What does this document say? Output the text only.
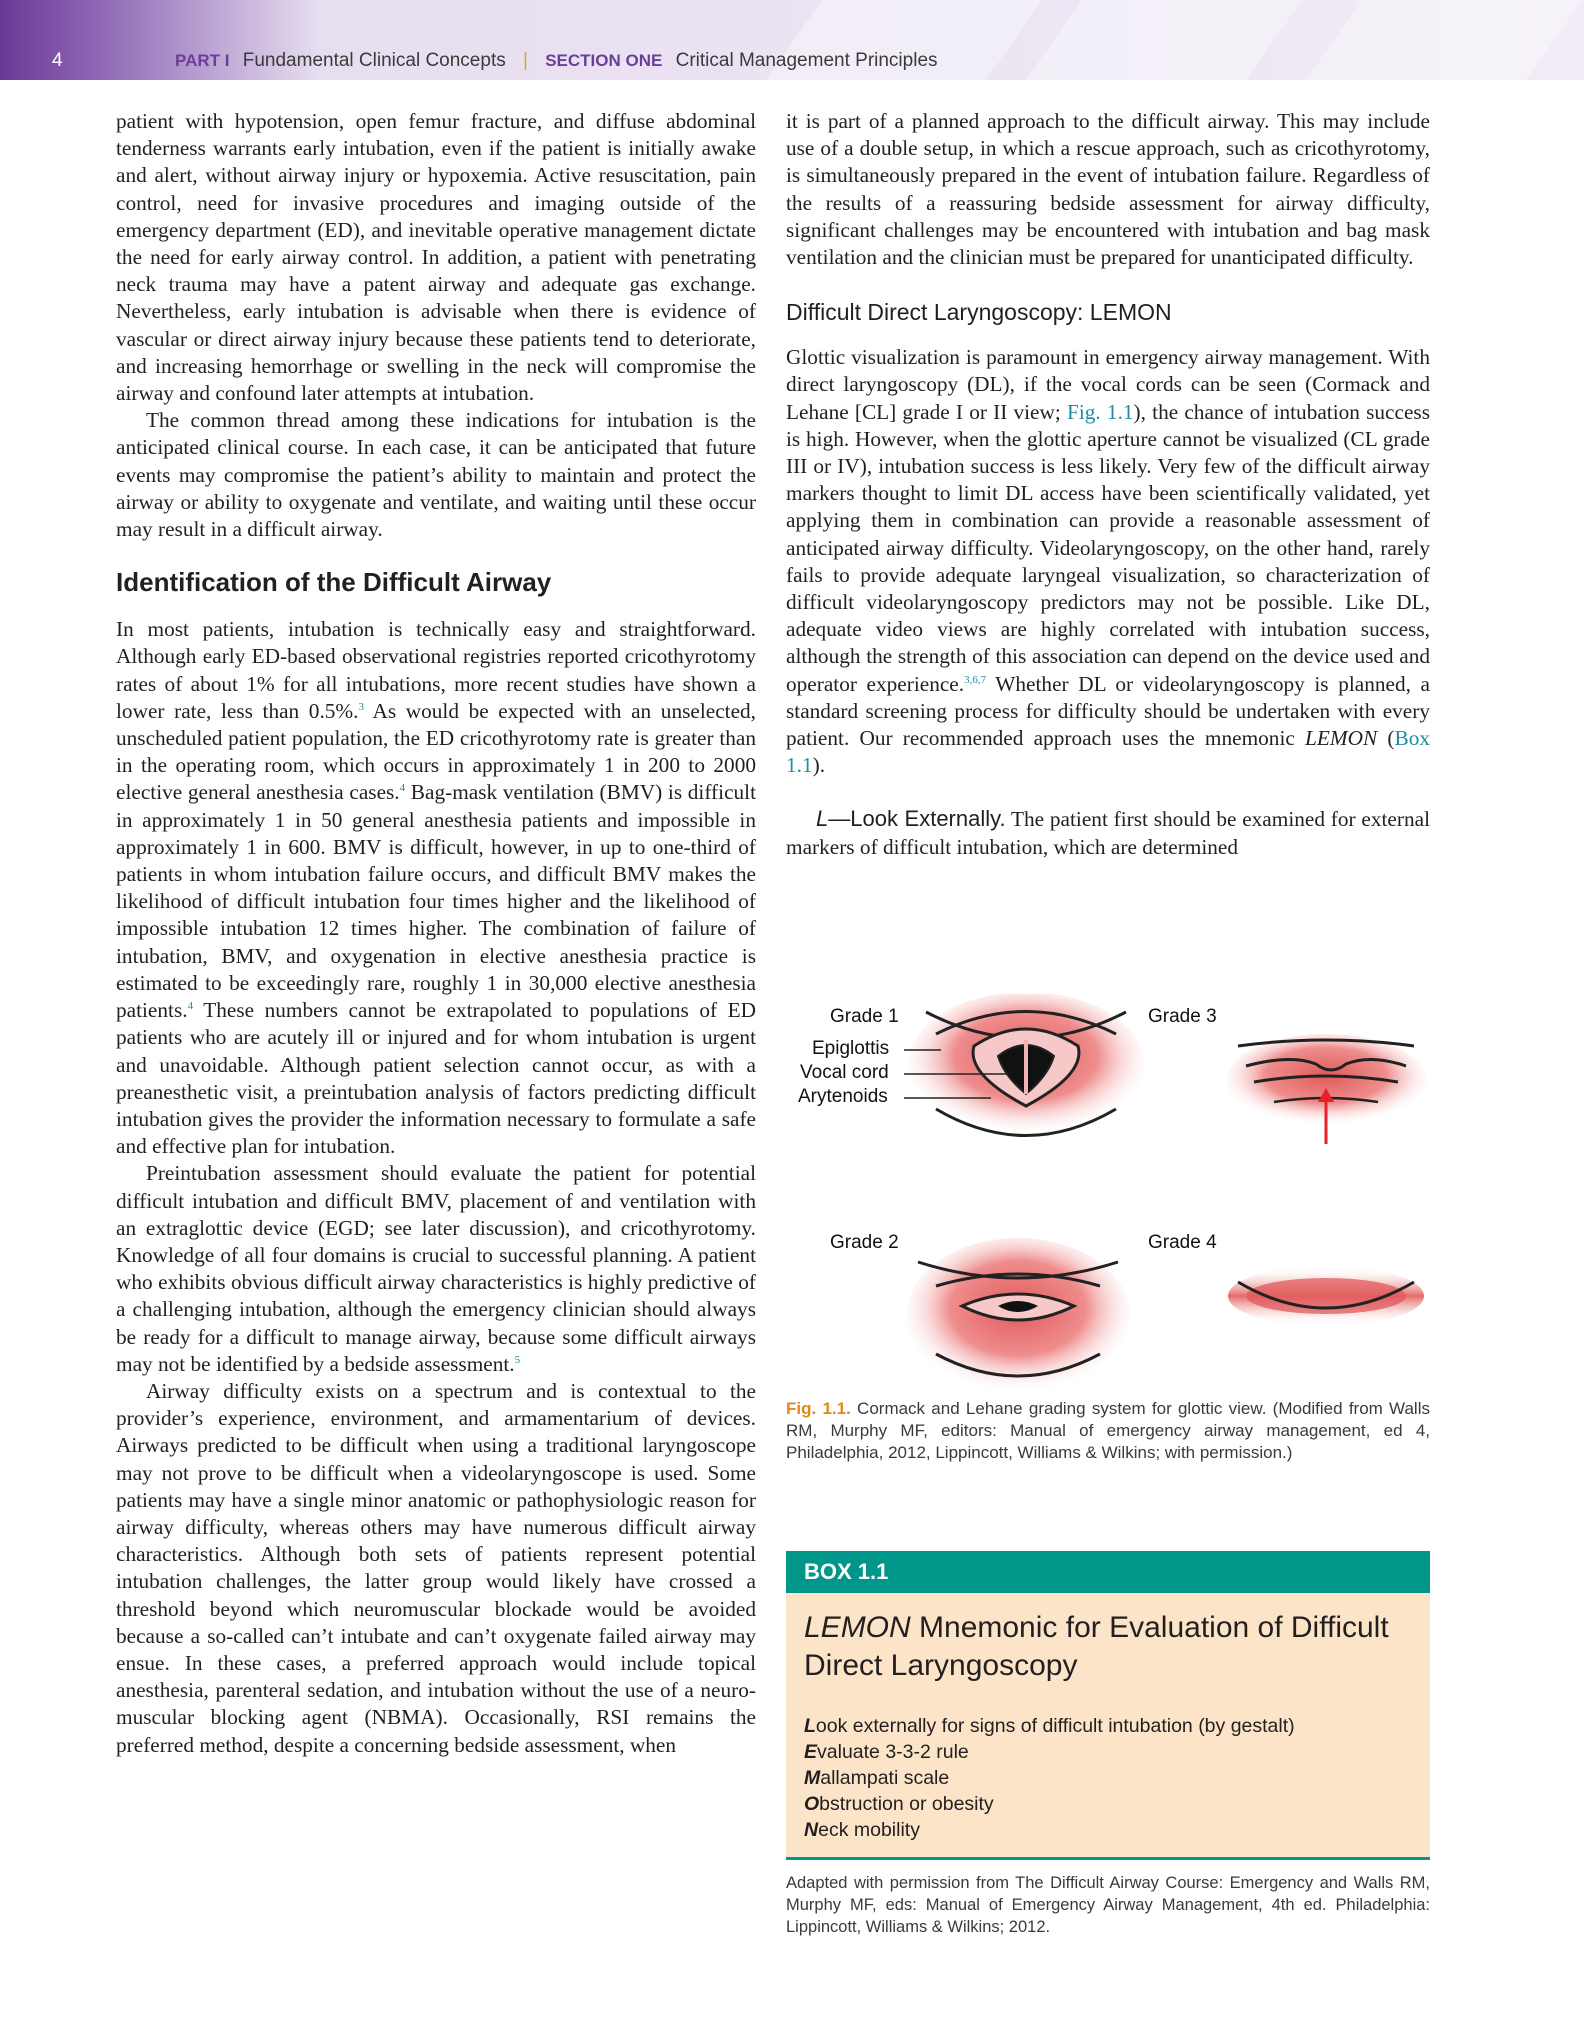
4	PART I Fundamental Clinical Concepts | SECTION ONE Critical Management Principles

patient with hypotension, open femur fracture, and diffuse abdominal tenderness warrants early intubation, even if the patient is initially awake and alert, without airway injury or hypoxemia. Active resuscitation, pain control, need for invasive procedures and imaging outside of the emergency department (ED), and inevitable operative management dictate the need for early airway control. In addition, a patient with penetrating neck trauma may have a patent airway and adequate gas exchange. Nevertheless, early intubation is advisable when there is evidence of vascular or direct airway injury because these patients tend to deteriorate, and increasing hemorrhage or swelling in the neck will compromise the airway and confound later attempts at intubation.

The common thread among these indications for intubation is the anticipated clinical course. In each case, it can be anticipated that future events may compromise the patient’s ability to maintain and protect the airway or ability to oxygenate and ventilate, and waiting until these occur may result in a difficult airway.

Identification of the Difficult Airway

In most patients, intubation is technically easy and straightforward. Although early ED-based observational registries reported cricothyrotomy rates of about 1% for all intubations, more recent studies have shown a lower rate, less than 0.5%.$^3$ As would be expected with an unselected, unscheduled patient population, the ED cricothyrotomy rate is greater than in the operating room, which occurs in approximately 1 in 200 to 2000 elective general anesthesia cases.$^4$ Bag-mask ventilation (BMV) is difficult in approximately 1 in 50 general anesthesia patients and impossible in approximately 1 in 600. BMV is difficult, however, in up to one-third of patients in whom intubation failure occurs, and difficult BMV makes the likelihood of difficult intubation four times higher and the likelihood of impossible intubation 12 times higher. The combination of failure of intubation, BMV, and oxygenation in elective anesthesia practice is estimated to be exceedingly rare, roughly 1 in 30,000 elective anesthesia patients.$^4$ These numbers cannot be extrapolated to populations of ED patients who are acutely ill or injured and for whom intubation is urgent and unavoidable. Although patient selection cannot occur, as with a preanesthetic visit, a preintubation analysis of factors predicting difficult intubation gives the provider the information necessary to formulate a safe and effective plan for intubation.

Preintubation assessment should evaluate the patient for potential difficult intubation and difficult BMV, placement of and ventilation with an extraglottic device (EGD; see later discussion), and cricothyrotomy. Knowledge of all four domains is crucial to successful planning. A patient who exhibits obvious difficult airway characteristics is highly predictive of a challenging intubation, although the emergency clinician should always be ready for a difficult to manage airway, because some difficult airways may not be identified by a bedside assessment.$^5$

Airway difficulty exists on a spectrum and is contextual to the provider’s experience, environment, and armamentarium of devices. Airways predicted to be difficult when using a traditional laryngoscope may not prove to be difficult when a videolaryngoscope is used. Some patients may have a single minor anatomic or pathophysiologic reason for airway difficulty, whereas others may have numerous difficult airway characteristics. Although both sets of patients represent potential intubation challenges, the latter group would likely have crossed a threshold beyond which neuromuscular blockade would be avoided because a so-called can’t intubate and can’t oxygenate failed airway may ensue. In these cases, a preferred approach would include topical anesthesia, parenteral sedation, and intubation without the use of a neuromuscular blocking agent (NBMA). Occasionally, RSI remains the preferred method, despite a concerning bedside assessment, when

it is part of a planned approach to the difficult airway. This may include use of a double setup, in which a rescue approach, such as cricothyrotomy, is simultaneously prepared in the event of intubation failure. Regardless of the results of a reassuring bedside assessment for airway difficulty, significant challenges may be encountered with intubation and bag mask ventilation and the clinician must be prepared for unanticipated difficulty.

Difficult Direct Laryngoscopy: LEMON

Glottic visualization is paramount in emergency airway management. With direct laryngoscopy (DL), if the vocal cords can be seen (Cormack and Lehane [CL] grade I or II view; Fig. 1.1), the chance of intubation success is high. However, when the glottic aperture cannot be visualized (CL grade III or IV), intubation success is less likely. Very few of the difficult airway markers thought to limit DL access have been scientifically validated, yet applying them in combination can provide a reasonable assessment of anticipated airway difficulty. Videolaryngoscopy, on the other hand, rarely fails to provide adequate laryngeal visualization, so characterization of difficult videolaryngoscopy predictors may not be possible. Like DL, adequate video views are highly correlated with intubation success, although the strength of this association can depend on the device used and operator experience.$^{3,6,7}$ Whether DL or videolaryngoscopy is planned, a standard screening process for difficulty should be undertaken with every patient. Our recommended approach uses the mnemonic LEMON (Box 1.1).

L—Look Externally. The patient first should be examined for external markers of difficult intubation, which are determined

Grade 1
Epiglottis
Vocal cord
Arytenoids
Grade 3
Grade 2	Grade 4
Fig. 1.1. Cormack and Lehane grading system for glottic view. (Modified from Walls RM, Murphy MF, editors: Manual of emergency airway management, ed 4, Philadelphia, 2012, Lippincott, Williams & Wilkins; with permission.)
BOX 1.1
LEMON Mnemonic for Evaluation of Difficult Direct Laryngoscopy
Look externally for signs of difficult intubation (by gestalt)
Evaluate 3-3-2 rule
Mallampati scale
Obstruction or obesity
Neck mobility
Adapted with permission from The Difficult Airway Course: Emergency and Walls RM, Murphy MF, eds: Manual of Emergency Airway Management, 4th ed. Philadelphia: Lippincott, Williams & Wilkins; 2012.
